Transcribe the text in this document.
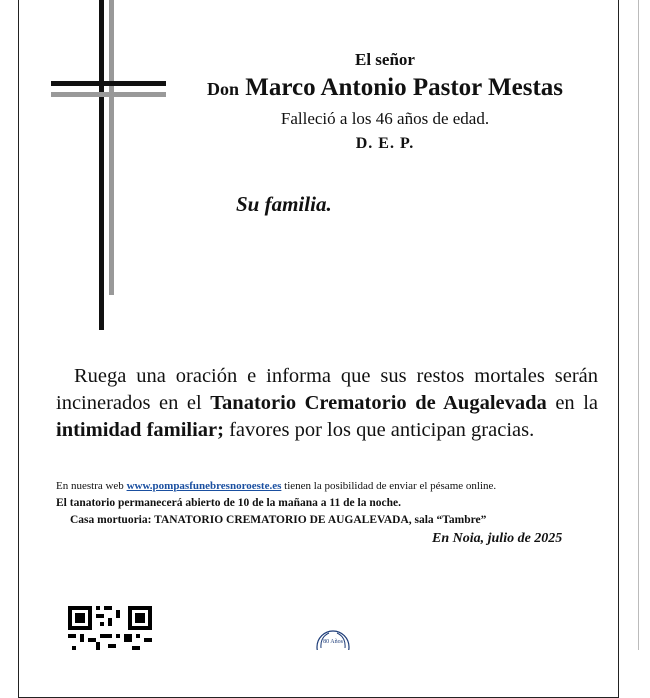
El señor
Don Marco Antonio Pastor Mestas
Falleció a los 46 años de edad.
D. E. P.
Su familia.
Ruega una oración e informa que sus restos mortales serán incinerados en el Tanatorio Crematorio de Augalevada en la intimidad familiar; favores por los que anticipan gracias.
En nuestra web www.pompasfunebresnoroeste.es tienen la posibilidad de enviar el pésame online.
El tanatorio permanecerá abierto de 10 de la mañana a 11 de la noche.
Casa mortuoria: TANATORIO CREMATORIO DE AUGALEVADA, sala “Tambre”
En Noia, julio de 2025
80 Años
